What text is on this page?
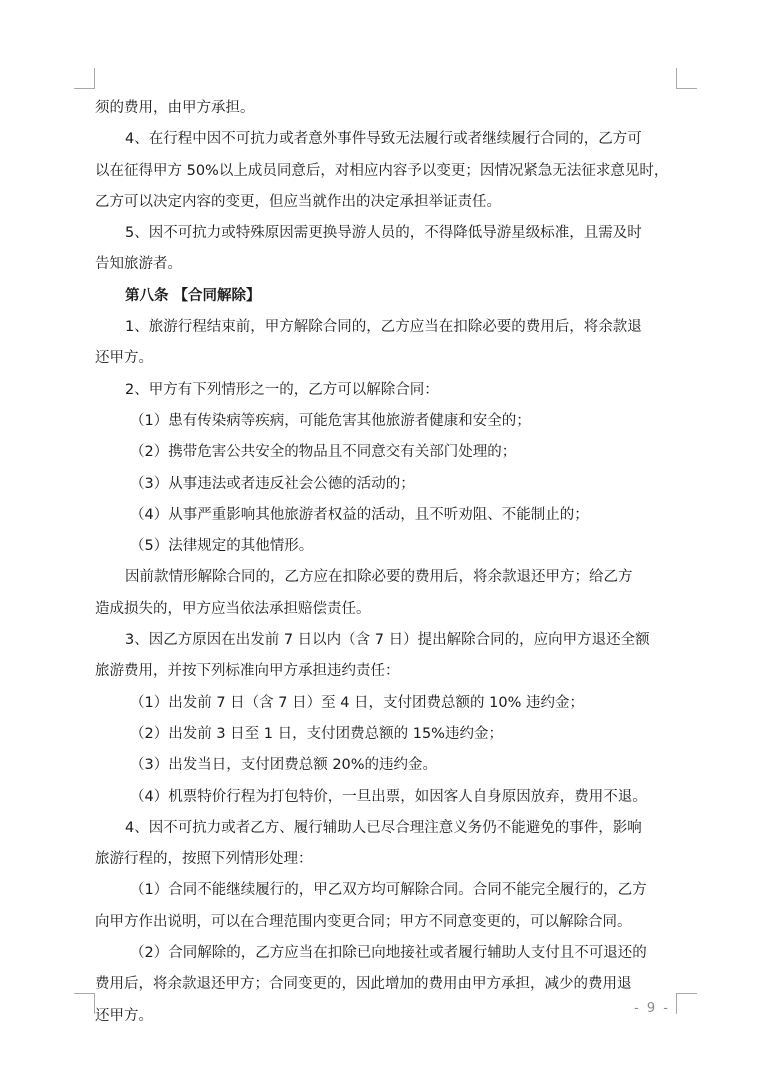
须的费用，由甲方承担。
4、在行程中因不可抗力或者意外事件导致无法履行或者继续履行合同的，乙方可
以在征得甲方 50%以上成员同意后，对相应内容予以变更；因情况紧急无法征求意见时，
乙方可以决定内容的变更，但应当就作出的决定承担举证责任。
5、因不可抗力或特殊原因需更换导游人员的，不得降低导游星级标准，且需及时
告知旅游者。
第八条 【合同解除】
1、旅游行程结束前，甲方解除合同的，乙方应当在扣除必要的费用后，将余款退
还甲方。
2、甲方有下列情形之一的，乙方可以解除合同：
（1）患有传染病等疾病，可能危害其他旅游者健康和安全的；
（2）携带危害公共安全的物品且不同意交有关部门处理的；
（3）从事违法或者违反社会公德的活动的；
（4）从事严重影响其他旅游者权益的活动，且不听劝阻、不能制止的；
（5）法律规定的其他情形。
因前款情形解除合同的，乙方应在扣除必要的费用后，将余款退还甲方；给乙方
造成损失的，甲方应当依法承担赔偿责任。
3、因乙方原因在出发前 7 日以内（含 7 日）提出解除合同的，应向甲方退还全额
旅游费用，并按下列标准向甲方承担违约责任：
（1）出发前 7 日（含 7 日）至 4 日，支付团费总额的 10% 违约金；
（2）出发前 3 日至 1 日，支付团费总额的 15%违约金；
（3）出发当日，支付团费总额 20%的违约金。
（4）机票特价行程为打包特价，一旦出票，如因客人自身原因放弃，费用不退。
4、因不可抗力或者乙方、履行辅助人已尽合理注意义务仍不能避免的事件，影响
旅游行程的，按照下列情形处理：
（1）合同不能继续履行的，甲乙双方均可解除合同。合同不能完全履行的，乙方
向甲方作出说明，可以在合理范围内变更合同；甲方不同意变更的，可以解除合同。
（2）合同解除的，乙方应当在扣除已向地接社或者履行辅助人支付且不可退还的
费用后，将余款退还甲方；合同变更的，因此增加的费用由甲方承担，减少的费用退
还甲方。	- 9 -
